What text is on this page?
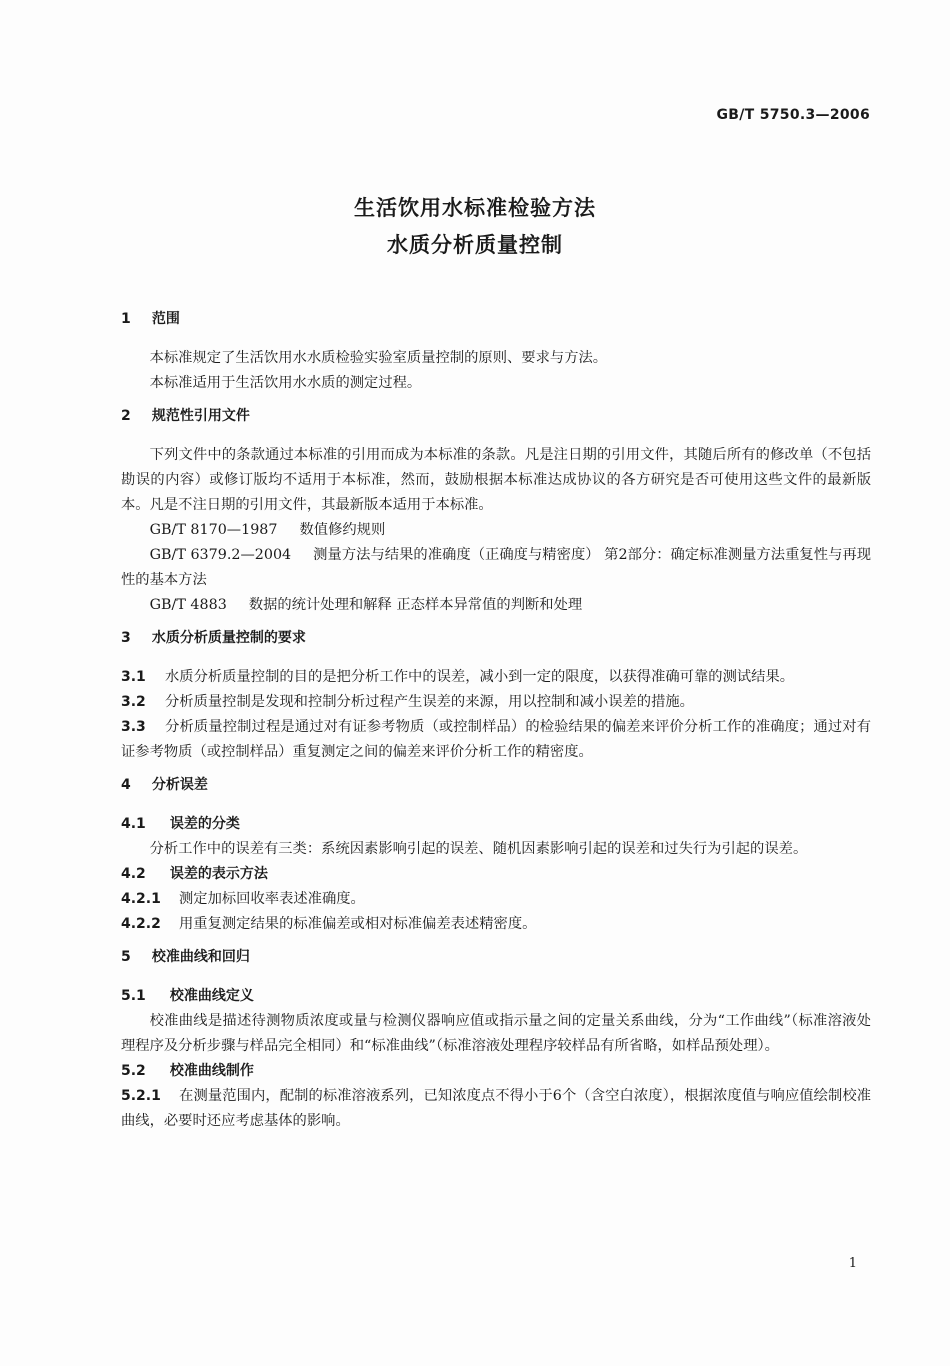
GB/T 5750.3—2006
生活饮用水标准检验方法
水质分析质量控制
1 范围
本标准规定了生活饮用水水质检验实验室质量控制的原则、要求与方法。
本标准适用于生活饮用水水质的测定过程。
2 规范性引用文件
下列文件中的条款通过本标准的引用而成为本标准的条款。凡是注日期的引用文件，其随后所有的修改单（不包括勘误的内容）或修订版均不适用于本标准，然而，鼓励根据本标准达成协议的各方研究是否可使用这些文件的最新版本。凡是不注日期的引用文件，其最新版本适用于本标准。
GB/T 8170—1987 数值修约规则
GB/T 6379.2—2004 测量方法与结果的准确度（正确度与精密度） 第2部分：确定标准测量方法重复性与再现性的基本方法
GB/T 4883 数据的统计处理和解释 正态样本异常值的判断和处理
3 水质分析质量控制的要求
3.1 水质分析质量控制的目的是把分析工作中的误差，减小到一定的限度，以获得准确可靠的测试结果。
3.2 分析质量控制是发现和控制分析过程产生误差的来源，用以控制和减小误差的措施。
3.3 分析质量控制过程是通过对有证参考物质（或控制样品）的检验结果的偏差来评价分析工作的准确度；通过对有证参考物质（或控制样品）重复测定之间的偏差来评价分析工作的精密度。
4 分析误差
4.1 误差的分类
分析工作中的误差有三类：系统因素影响引起的误差、随机因素影响引起的误差和过失行为引起的误差。
4.2 误差的表示方法
4.2.1 测定加标回收率表述准确度。
4.2.2 用重复测定结果的标准偏差或相对标准偏差表述精密度。
5 校准曲线和回归
5.1 校准曲线定义
校准曲线是描述待测物质浓度或量与检测仪器响应值或指示量之间的定量关系曲线，分为“工作曲线”（标准溶液处理程序及分析步骤与样品完全相同）和“标准曲线”（标准溶液处理程序较样品有所省略，如样品预处理）。
5.2 校准曲线制作
5.2.1 在测量范围内，配制的标准溶液系列，已知浓度点不得小于6个（含空白浓度），根据浓度值与响应值绘制校准曲线，必要时还应考虑基体的影响。
1
